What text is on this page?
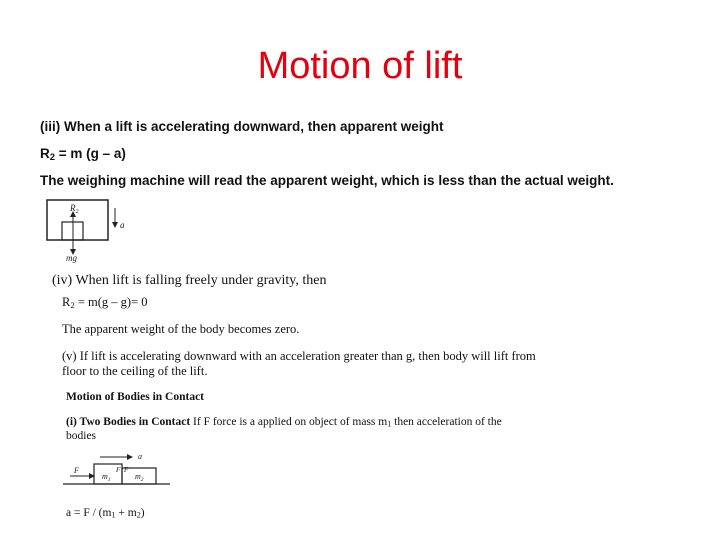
Motion of lift
(iii) When a lift is accelerating downward, then apparent weight
$R_2 = m$ (g – a)
The weighing machine will read the apparent weight, which is less than the actual weight.
$R_2$
a
mg
(iv) When lift is falling freely under gravity, then
$R_2 = m(g - g)= 0$
The apparent weight of the body becomes zero.
(v) If lift is accelerating downward with an acceleration greater than g, then body will lift from
floor to the ceiling of the lift.
Motion of Bodies in Contact
(i) Two Bodies in Contact If F force is a applied on object of mass $m_1$ then acceleration of the
bodies
F
a
$m_1$
F F
$m_2$
$a = F / (m_1 + m_2)$
